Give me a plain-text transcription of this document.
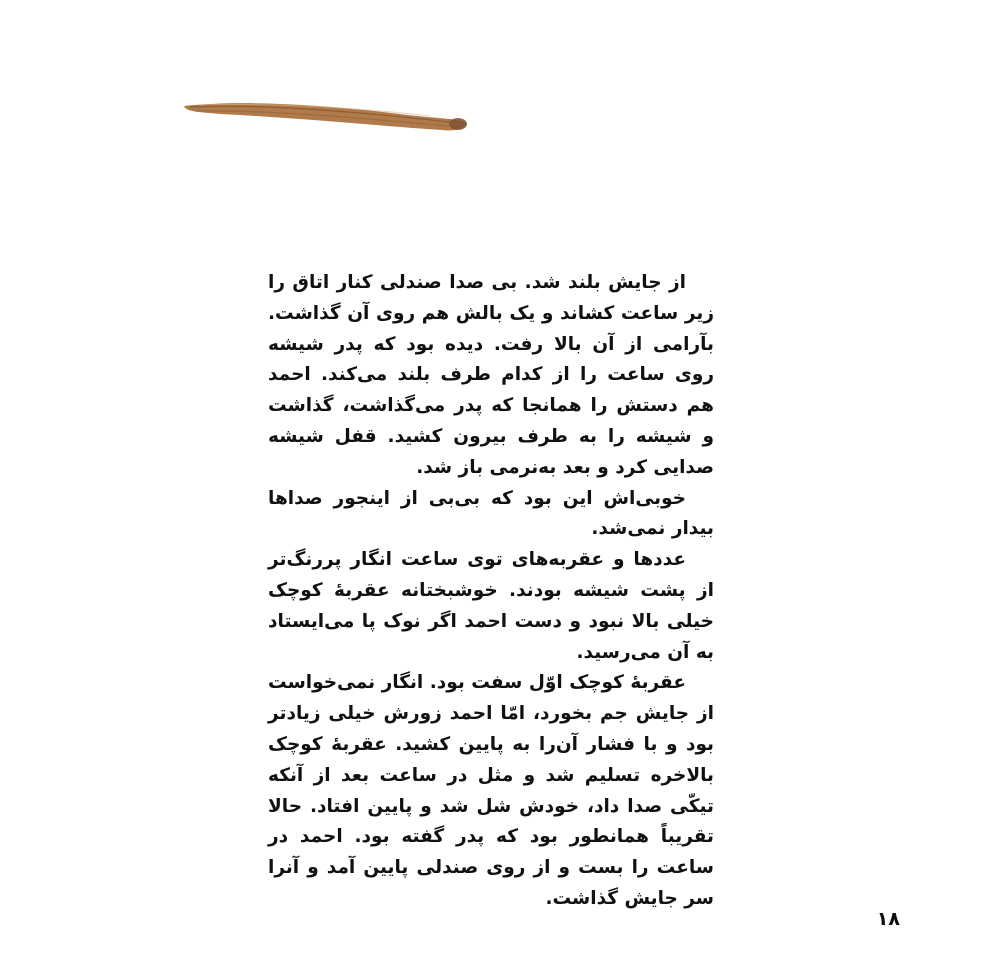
از جایش بلند شد. بی صدا صندلی کنار اتاق را زیر ساعت کشاند و یک بالش هم روی آن گذاشت. بآرامی از آن بالا رفت. دیده بود که پدر شیشه روی ساعت را از کدام طرف بلند می‌کند. احمد هم دستش را همانجا که پدر می‌گذاشت، گذاشت و شیشه را به طرف بیرون کشید. قفل شیشه صدایی کرد و بعد به‌نرمی باز شد.

خوبی‌اش این بود که بی‌بی از اینجور صداها بیدار نمی‌شد.

عددها و عقربه‌های توی ساعت انگار پررنگ‌تر از پشت شیشه بودند. خوشبختانه عقربهٔ کوچک خیلی بالا نبود و دست احمد اگر نوک پا می‌ایستاد به آن می‌رسید.

عقربهٔ کوچک اوّل سفت بود. انگار نمی‌خواست از جایش جم بخورد، امّا احمد زورش خیلی زیادتر بود و با فشار آن‌را به پایین کشید. عقربهٔ کوچک بالاخره تسلیم شد و مثل در ساعت بعد از آنکه تیکّی صدا داد، خودش شل شد و پایین افتاد. حالا تقریباً همانطور بود که پدر گفته بود. احمد در ساعت را بست و از روی صندلی پایین آمد و آنرا سر جایش گذاشت.

۱۸
